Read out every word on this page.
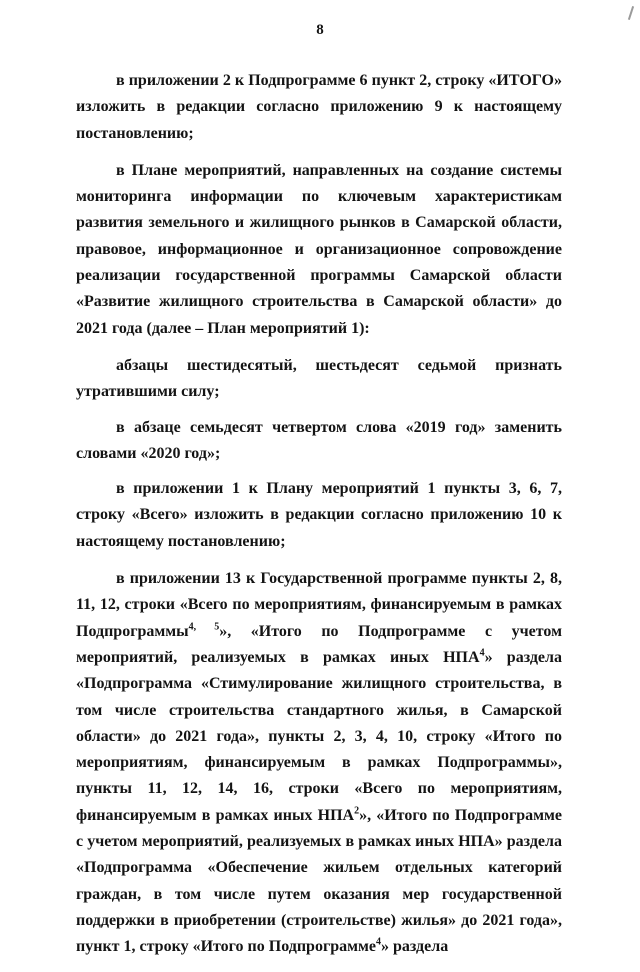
8

в приложении 2 к Подпрограмме 6 пункт 2, строку «ИТОГО» изложить в редакции согласно приложению 9 к настоящему постановлению;

в Плане мероприятий, направленных на создание системы мониторинга информации по ключевым характеристикам развития земельного и жилищного рынков в Самарской области, правовое, информационное и организационное сопровождение реализации государственной программы Самарской области «Развитие жилищного строительства в Самарской области» до 2021 года (далее – План мероприятий 1):

абзацы шестидесятый, шестьдесят седьмой признать утратившими силу;

в абзаце семьдесят четвертом слова «2019 год» заменить словами «2020 год»;

в приложении 1 к Плану мероприятий 1 пункты 3, 6, 7, строку «Всего» изложить в редакции согласно приложению 10 к настоящему постановлению;

в приложении 13 к Государственной программе пункты 2, 8, 11, 12, строки «Всего по мероприятиям, финансируемым в рамках Подпрограммы$^{4, 5}$», «Итого по Подпрограмме с учетом мероприятий, реализуемых в рамках иных НПА$^4$» раздела «Подпрограмма «Стимулирование жилищного строительства, в том числе строительства стандартного жилья, в Самарской области» до 2021 года», пункты 2, 3, 4, 10, строку «Итого по мероприятиям, финансируемым в рамках Подпрограммы», пункты 11, 12, 14, 16, строки «Всего по мероприятиям, финансируемым в рамках иных НПА$^2$», «Итого по Подпрограмме с учетом мероприятий, реализуемых в рамках иных НПА» раздела «Подпрограмма «Обеспечение жильем отдельных категорий граждан, в том числе путем оказания мер государственной поддержки в приобретении (строительстве) жилья» до 2021 года», пункт 1, строку «Итого по Подпрограмме$^4$» раздела
